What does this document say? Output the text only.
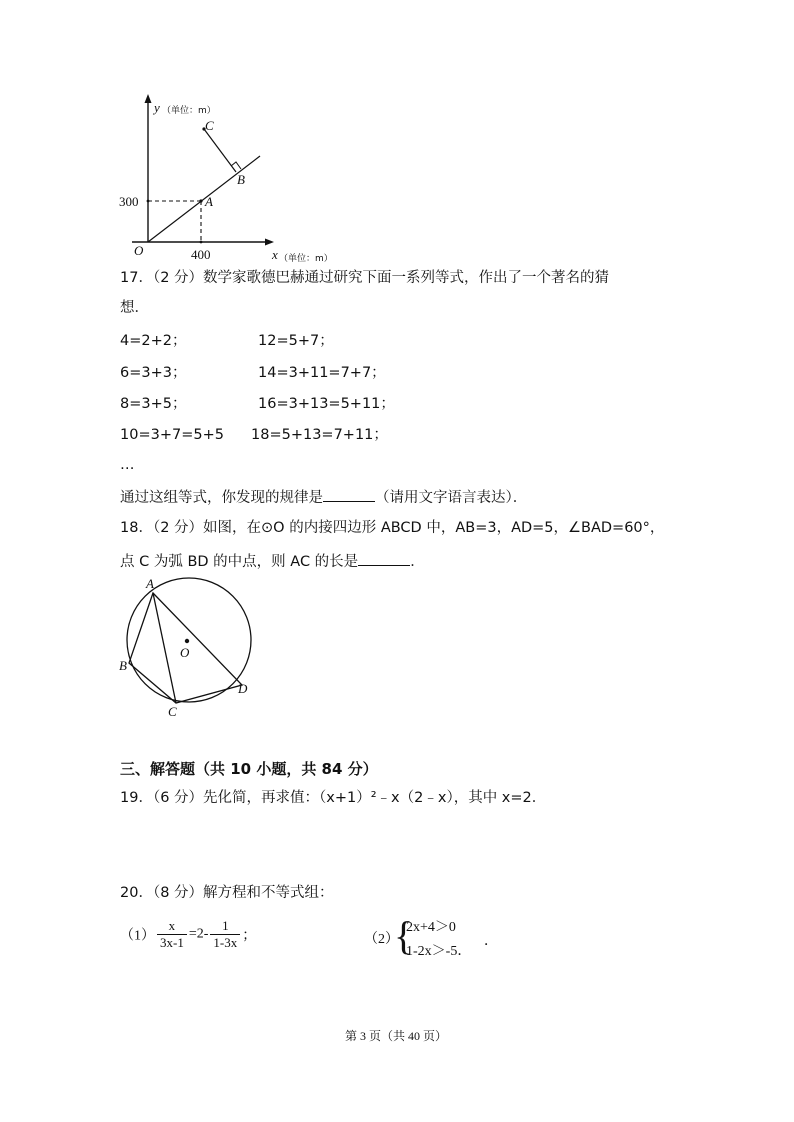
y （单位：m）
C
B
A
300
O	400	x （单位：m）
17．（2 分）数学家歌德巴赫通过研究下面一系列等式，作出了一个著名的猜
想．
4=2+2；	12=5+7；
6=3+3；	14=3+11=7+7；
8=3+5；	16=3+13=5+11；
10=3+7=5+5 18=5+13=7+11；
…
通过这组等式，你发现的规律是	（请用文字语言表达）．
18．（2 分）如图，在⊙O 的内接四边形 ABCD 中，AB=3，AD=5，∠BAD=60°，
点 C 为弧 BD 的中点，则 AC 的长是	．
A
O
B
D
C
三、解答题（共 10 小题，共 84 分）
19．（6 分）先化简，再求值：（x+1）²﹣x（2﹣x），其中 x=2．
20．（8 分）解方程和不等式组：
$(1) \frac{x}{3x-1} =2- \frac{1}{1-3x}$ ；	（2）
{
2x+4＞0
1-2x＞-5．
．
第 3 页（共 40 页）
